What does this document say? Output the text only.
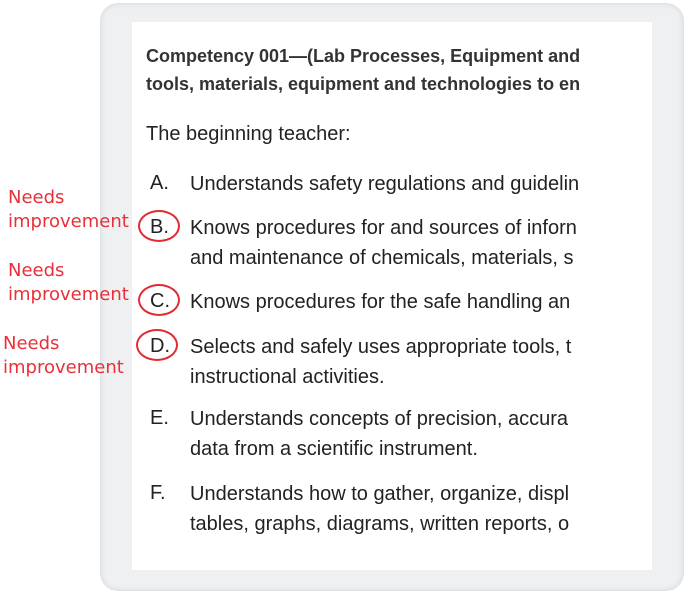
Competency 001—(Lab Processes, Equipment and
tools, materials, equipment and technologies to en
The beginning teacher:
A.	Understands safety regulations and guidelin
B.	Knows procedures for and sources of inforn
and maintenance of chemicals, materials, s
C.	Knows procedures for the safe handling an
D.	Selects and safely uses appropriate tools, t
instructional activities.
E.	Understands concepts of precision, accura
data from a scientific instrument.
F.	Understands how to gather, organize, displ
tables, graphs, diagrams, written reports, o
Needs
improvement
Needs
improvement
Needs
improvement
